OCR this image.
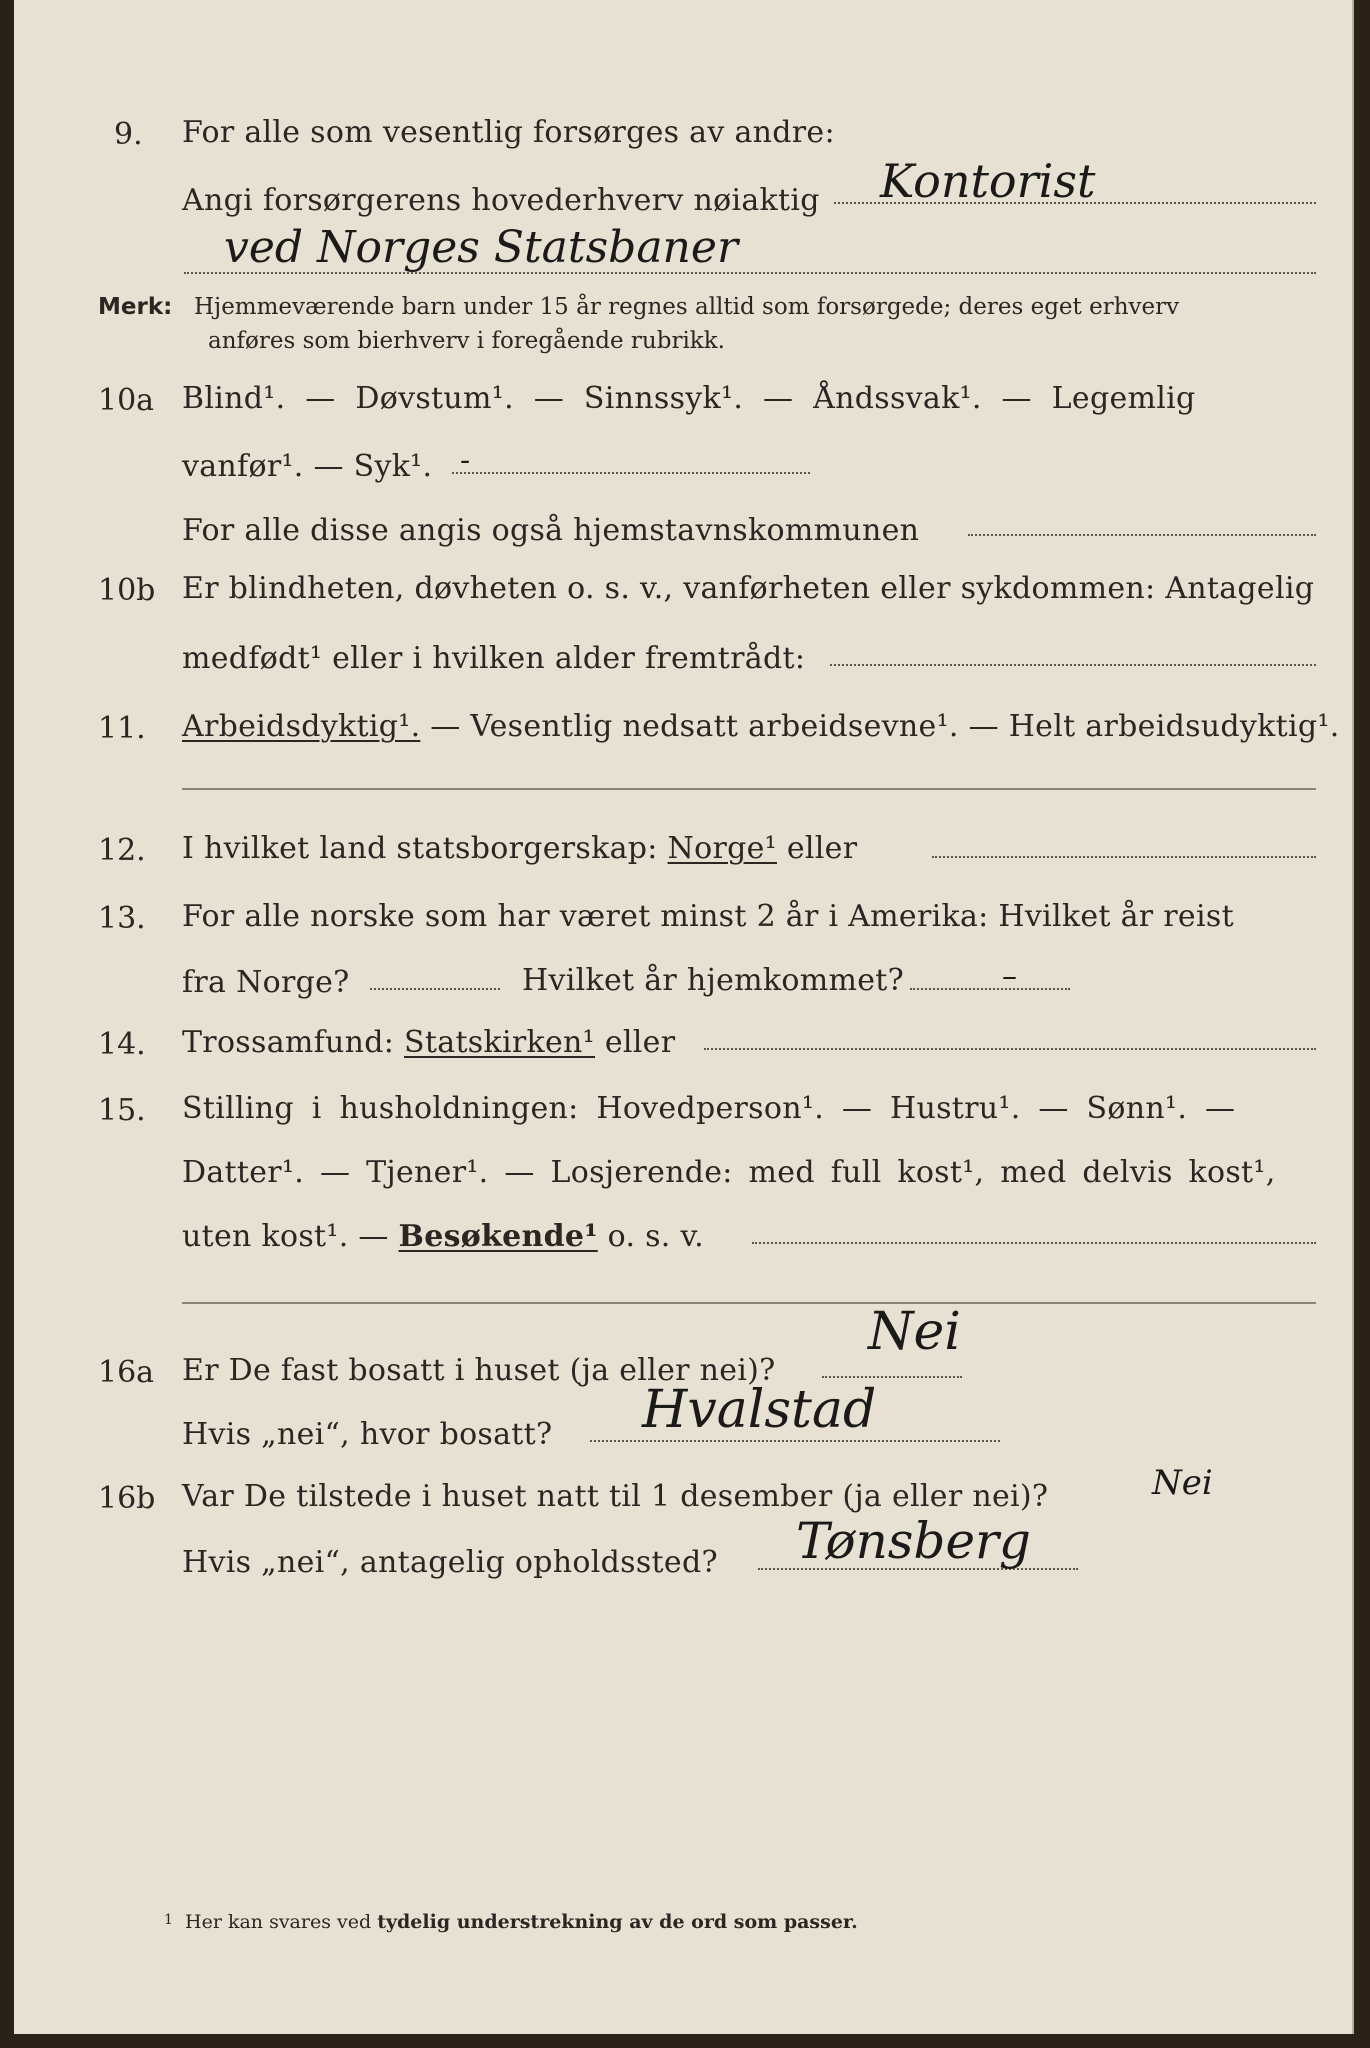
9. For alle som vesentlig forsørges av andre:
Angi forsørgerens hovederhverv nøiaktig Kontorist
ved Norges Statsbaner
Merk: Hjemmeværende barn under 15 år regnes alltid som forsørgede; deres eget erhverv
anføres som bierhverv i foregående rubrikk.
10a Blind¹. — Døvstum¹. — Sinnssyk¹. — Åndssvak¹. — Legemlig
vanfør¹. — Syk¹. -
For alle disse angis også hjemstavnskommunen
10b Er blindheten, døvheten o. s. v., vanførheten eller sykdommen: Antagelig
medfødt¹ eller i hvilken alder fremtrådt:
11. Arbeidsdyktig¹. — Vesentlig nedsatt arbeidsevne¹. — Helt arbeidsudyktig¹.
12. I hvilket land statsborgerskap: Norge¹ eller
13. For alle norske som har været minst 2 år i Amerika: Hvilket år reist
fra Norge?	Hvilket år hjemkommet?	–
14. Trossamfund: Statskirken¹ eller
15. Stilling i husholdningen: Hovedperson¹. — Hustru¹. — Sønn¹. —
Datter¹. — Tjener¹. — Losjerende: med full kost¹, med delvis kost¹,
uten kost¹. — Besøkende¹ o. s. v.
16a Er De fast bosatt i huset (ja eller nei)?
Nei
Hvis „nei“, hvor bosatt? Hvalstad
16b Var De tilstede i huset natt til 1 desember (ja eller nei)?	Nei
Hvis „nei“, antagelig opholdssted? Tønsberg
$^1$ Her kan svares ved tydelig understrekning av de ord som passer.
